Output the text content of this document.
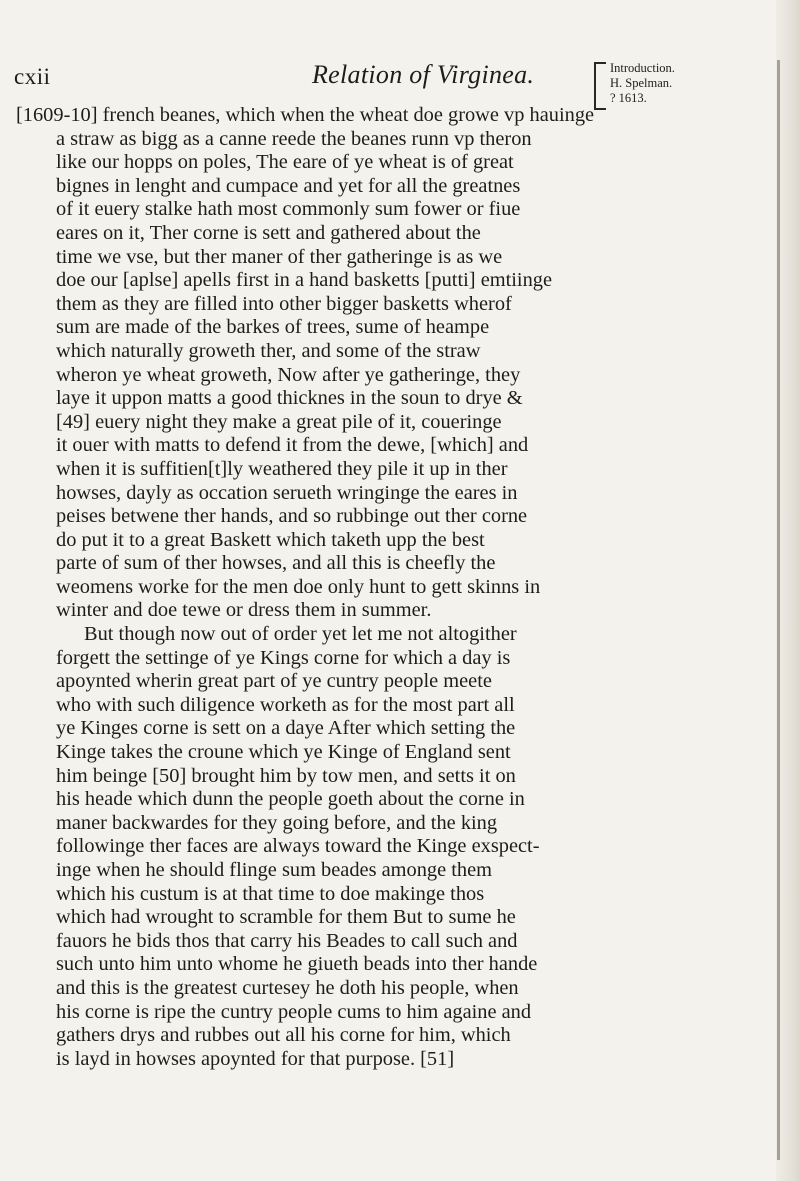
cxii	Relation of Virginea.	Introduction.
H. Spelman.
? 1613.
[1609-10] french beanes, which when the wheat doe growe vp hauinge
a straw as bigg as a canne reede the beanes runn vp theron
like our hopps on poles, The eare of ye wheat is of great
bignes in lenght and cumpace and yet for all the greatnes
of it euery stalke hath most commonly sum fower or fiue
eares on it, Ther corne is sett and gathered about the
time we vse, but ther maner of ther gatheringe is as we
doe our [aplse] apells first in a hand basketts [putti] emtiinge
them as they are filled into other bigger basketts wherof
sum are made of the barkes of trees, sume of heampe
which naturally groweth ther, and some of the straw
wheron ye wheat groweth, Now after ye gatheringe, they
laye it uppon matts a good thicknes in the soun to drye &
[49] euery night they make a great pile of it, coueringe
it ouer with matts to defend it from the dewe, [which] and
when it is suffitien[t]ly weathered they pile it up in ther
howses, dayly as occation serueth wringinge the eares in
peises betwene ther hands, and so rubbinge out ther corne
do put it to a great Baskett which taketh upp the best
parte of sum of ther howses, and all this is cheefly the
weomens worke for the men doe only hunt to gett skinns in
winter and doe tewe or dress them in summer.
But though now out of order yet let me not altogither
forgett the settinge of ye Kings corne for which a day is
apoynted wherin great part of ye cuntry people meete
who with such diligence worketh as for the most part all
ye Kinges corne is sett on a daye After which setting the
Kinge takes the croune which ye Kinge of England sent
him beinge [50] brought him by tow men, and setts it on
his heade which dunn the people goeth about the corne in
maner backwardes for they going before, and the king
followinge ther faces are always toward the Kinge exspect-
inge when he should flinge sum beades amonge them
which his custum is at that time to doe makinge thos
which had wrought to scramble for them But to sume he
fauors he bids thos that carry his Beades to call such and
such unto him unto whome he giueth beads into ther hande
and this is the greatest curtesey he doth his people, when
his corne is ripe the cuntry people cums to him againe and
gathers drys and rubbes out all his corne for him, which
is layd in howses apoynted for that purpose. [51]
